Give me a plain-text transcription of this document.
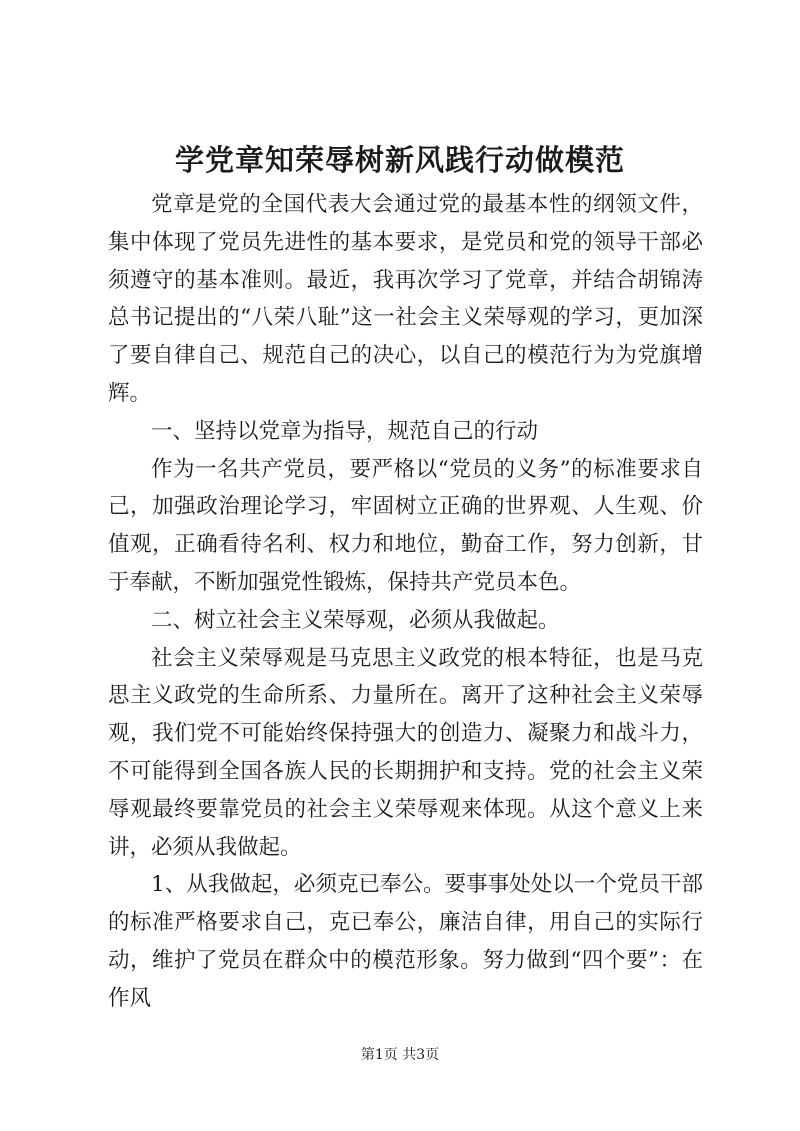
学党章知荣辱树新风践行动做模范

党章是党的全国代表大会通过党的最基本性的纲领文件，集中体现了党员先进性的基本要求，是党员和党的领导干部必须遵守的基本准则。最近，我再次学习了党章，并结合胡锦涛总书记提出的“八荣八耻”这一社会主义荣辱观的学习，更加深了要自律自己、规范自己的决心，以自己的模范行为为党旗增辉。

一、坚持以党章为指导，规范自己的行动

作为一名共产党员，要严格以“党员的义务”的标准要求自己，加强政治理论学习，牢固树立正确的世界观、人生观、价值观，正确看待名利、权力和地位，勤奋工作，努力创新，甘于奉献，不断加强党性锻炼，保持共产党员本色。

二、树立社会主义荣辱观，必须从我做起。

社会主义荣辱观是马克思主义政党的根本特征，也是马克思主义政党的生命所系、力量所在。离开了这种社会主义荣辱观，我们党不可能始终保持强大的创造力、凝聚力和战斗力，不可能得到全国各族人民的长期拥护和支持。党的社会主义荣辱观最终要靠党员的社会主义荣辱观来体现。从这个意义上来讲，必须从我做起。

1、从我做起，必须克已奉公。要事事处处以一个党员干部的标准严格要求自己，克已奉公，廉洁自律，用自己的实际行动，维护了党员在群众中的模范形象。努力做到“四个要”：在作风

第1页 共3页
